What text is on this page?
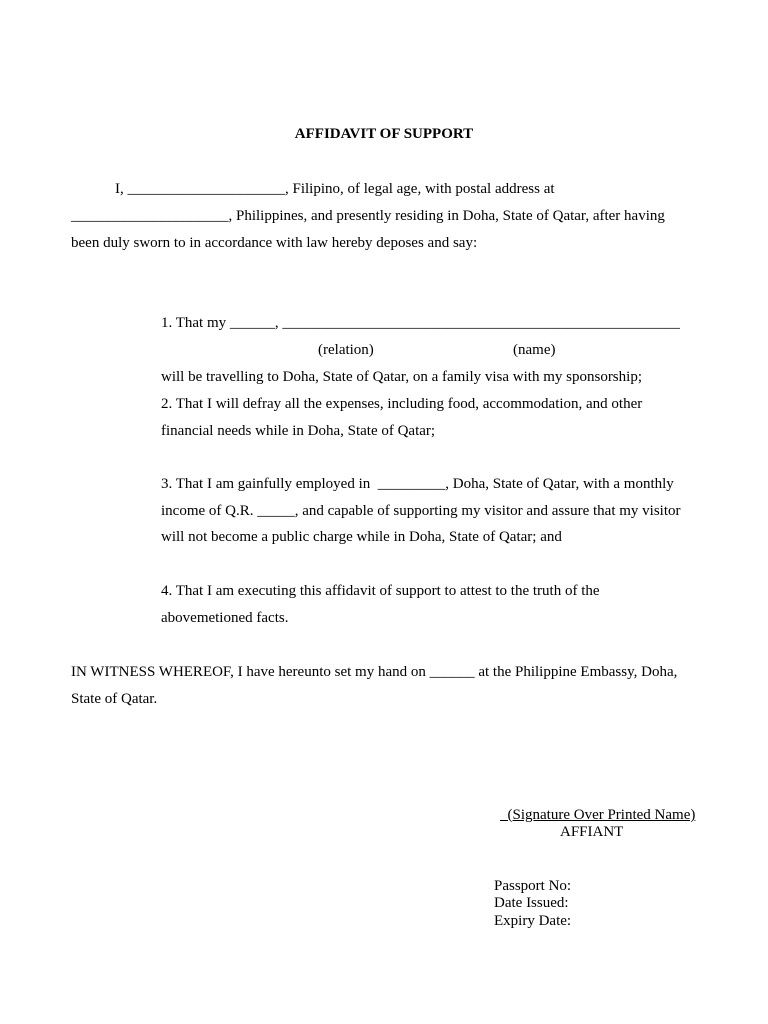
AFFIDAVIT OF SUPPORT
I, _____________________, Filipino, of legal age, with postal address at
_____________________, Philippines, and presently residing in Doha, State of Qatar, after having
been duly sworn to in accordance with law hereby deposes and say:
1. That my ______, _____________________________________________________
(relation)	(name)
will be travelling to Doha, State of Qatar, on a family visa with my sponsorship;
2. That I will defray all the expenses, including food, accommodation, and other
financial needs while in Doha, State of Qatar;
3. That I am gainfully employed in  _________, Doha, State of Qatar, with a monthly
income of Q.R. _____, and capable of supporting my visitor and assure that my visitor
will not become a public charge while in Doha, State of Qatar; and
4. That I am executing this affidavit of support to attest to the truth of the
abovemetioned facts.
IN WITNESS WHEREOF, I have hereunto set my hand on ______ at the Philippine Embassy, Doha,
State of Qatar.
(Signature Over Printed Name)
AFFIANT
Passport No:
Date Issued:
Expiry Date:
